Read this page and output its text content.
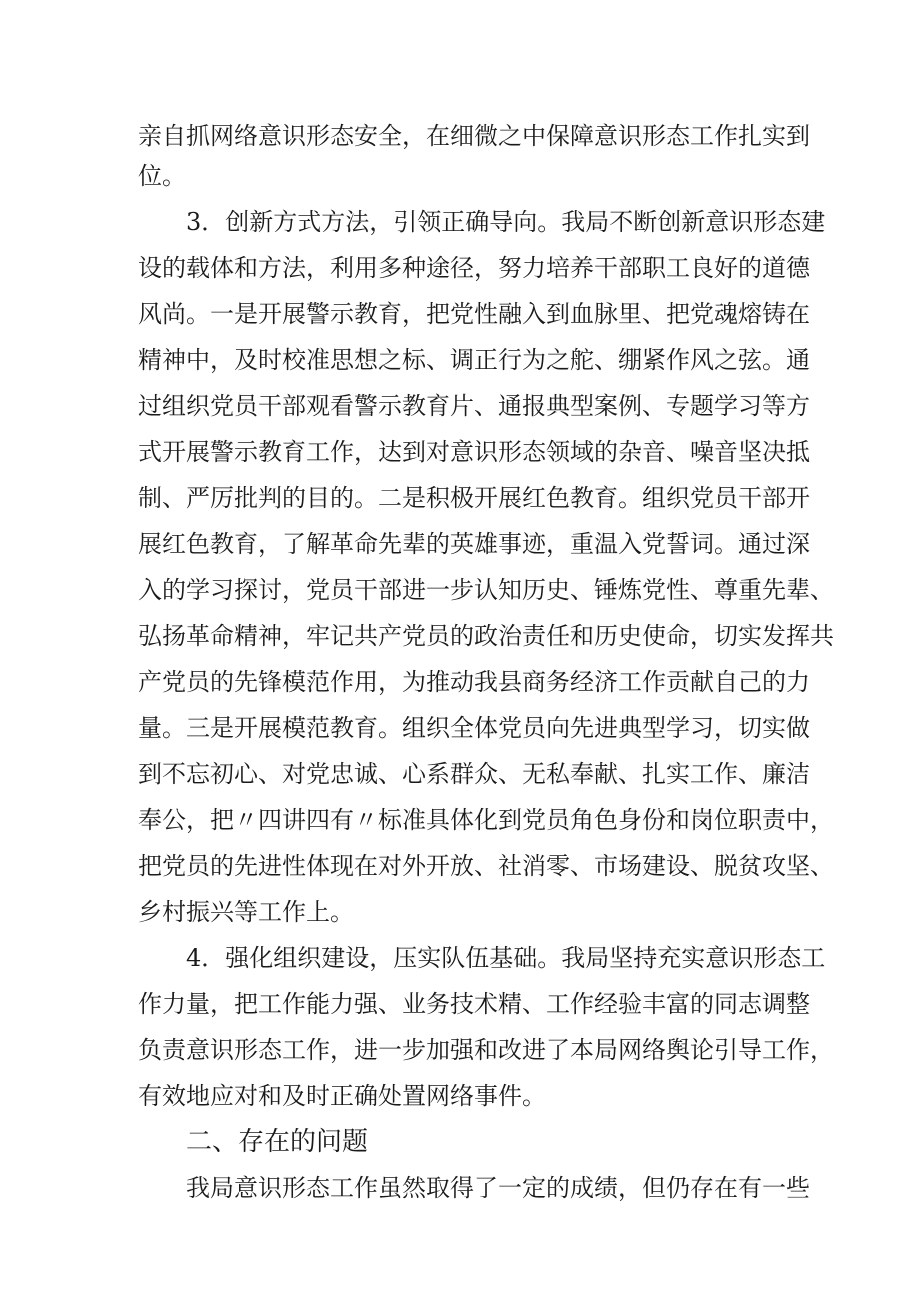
亲自抓网络意识形态安全，在细微之中保障意识形态工作扎实到
位。
3．创新方式方法，引领正确导向。我局不断创新意识形态建
设的载体和方法，利用多种途径，努力培养干部职工良好的道德
风尚。一是开展警示教育，把党性融入到血脉里、把党魂熔铸在
精神中，及时校准思想之标、调正行为之舵、绷紧作风之弦。通
过组织党员干部观看警示教育片、通报典型案例、专题学习等方
式开展警示教育工作，达到对意识形态领域的杂音、噪音坚决抵
制、严厉批判的目的。二是积极开展红色教育。组织党员干部开
展红色教育，了解革命先辈的英雄事迹，重温入党誓词。通过深
入的学习探讨，党员干部进一步认知历史、锤炼党性、尊重先辈、
弘扬革命精神，牢记共产党员的政治责任和历史使命，切实发挥共
产党员的先锋模范作用，为推动我县商务经济工作贡献自己的力
量。三是开展模范教育。组织全体党员向先进典型学习，切实做
到不忘初心、对党忠诚、心系群众、无私奉献、扎实工作、廉洁
奉公，把〃四讲四有〃标准具体化到党员角色身份和岗位职责中，
把党员的先进性体现在对外开放、社消零、市场建设、脱贫攻坚、
乡村振兴等工作上。
4．强化组织建设，压实队伍基础。我局坚持充实意识形态工
作力量，把工作能力强、业务技术精、工作经验丰富的同志调整
负责意识形态工作，进一步加强和改进了本局网络舆论引导工作，
有效地应对和及时正确处置网络事件。
二、存在的问题
我局意识形态工作虽然取得了一定的成绩，但仍存在有一些
